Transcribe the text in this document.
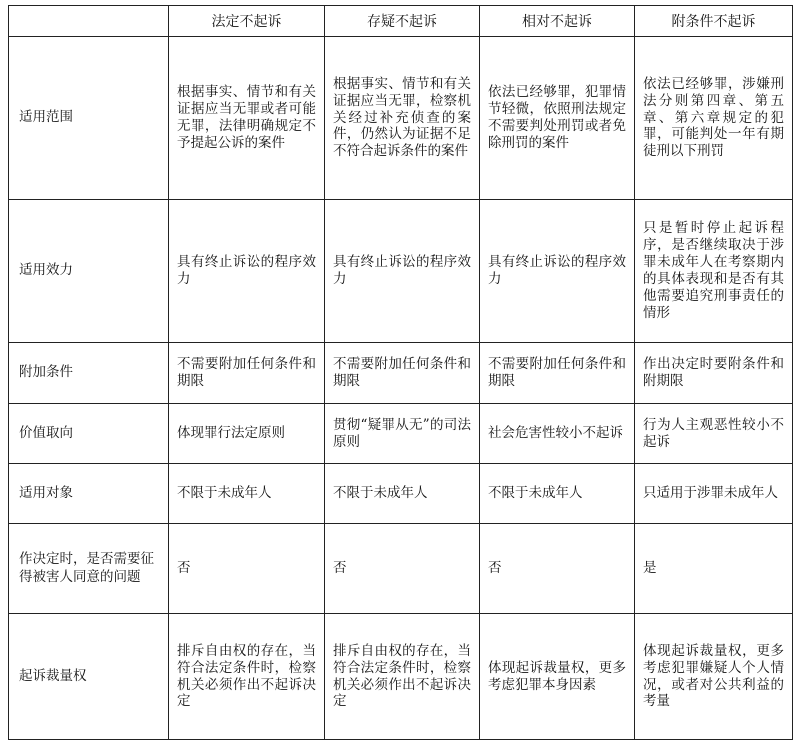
	法定不起诉	存疑不起诉	相对不起诉	附条件不起诉
适用范围	根据事实、情节和有关证据应当无罪或者可能无罪，法律明确规定不予提起公诉的案件	根据事实、情节和有关证据应当无罪，检察机关经过补充侦查的案件，仍然认为证据不足不符合起诉条件的案件	依法已经够罪，犯罪情节轻微，依照刑法规定不需要判处刑罚或者免除刑罚的案件	依法已经够罪，涉嫌刑法分则第四章、第五章、第六章规定的犯罪，可能判处一年有期徒刑以下刑罚
适用效力	具有终止诉讼的程序效力	具有终止诉讼的程序效力	具有终止诉讼的程序效力	只是暂时停止起诉程序，是否继续取决于涉罪未成年人在考察期内的具体表现和是否有其他需要追究刑事责任的情形
附加条件	不需要附加任何条件和期限	不需要附加任何条件和期限	不需要附加任何条件和期限	作出决定时要附条件和附期限
价值取向	体现罪行法定原则	贯彻“疑罪从无”的司法原则	社会危害性较小不起诉	行为人主观恶性较小不起诉
适用对象	不限于未成年人	不限于未成年人	不限于未成年人	只适用于涉罪未成年人
作决定时，是否需要征得被害人同意的问题	否	否	否	是
起诉裁量权	排斥自由权的存在，当符合法定条件时，检察机关必须作出不起诉决定	排斥自由权的存在，当符合法定条件时，检察机关必须作出不起诉决定	体现起诉裁量权，更多考虑犯罪本身因素	体现起诉裁量权，更多考虑犯罪嫌疑人个人情况，或者对公共利益的考量
